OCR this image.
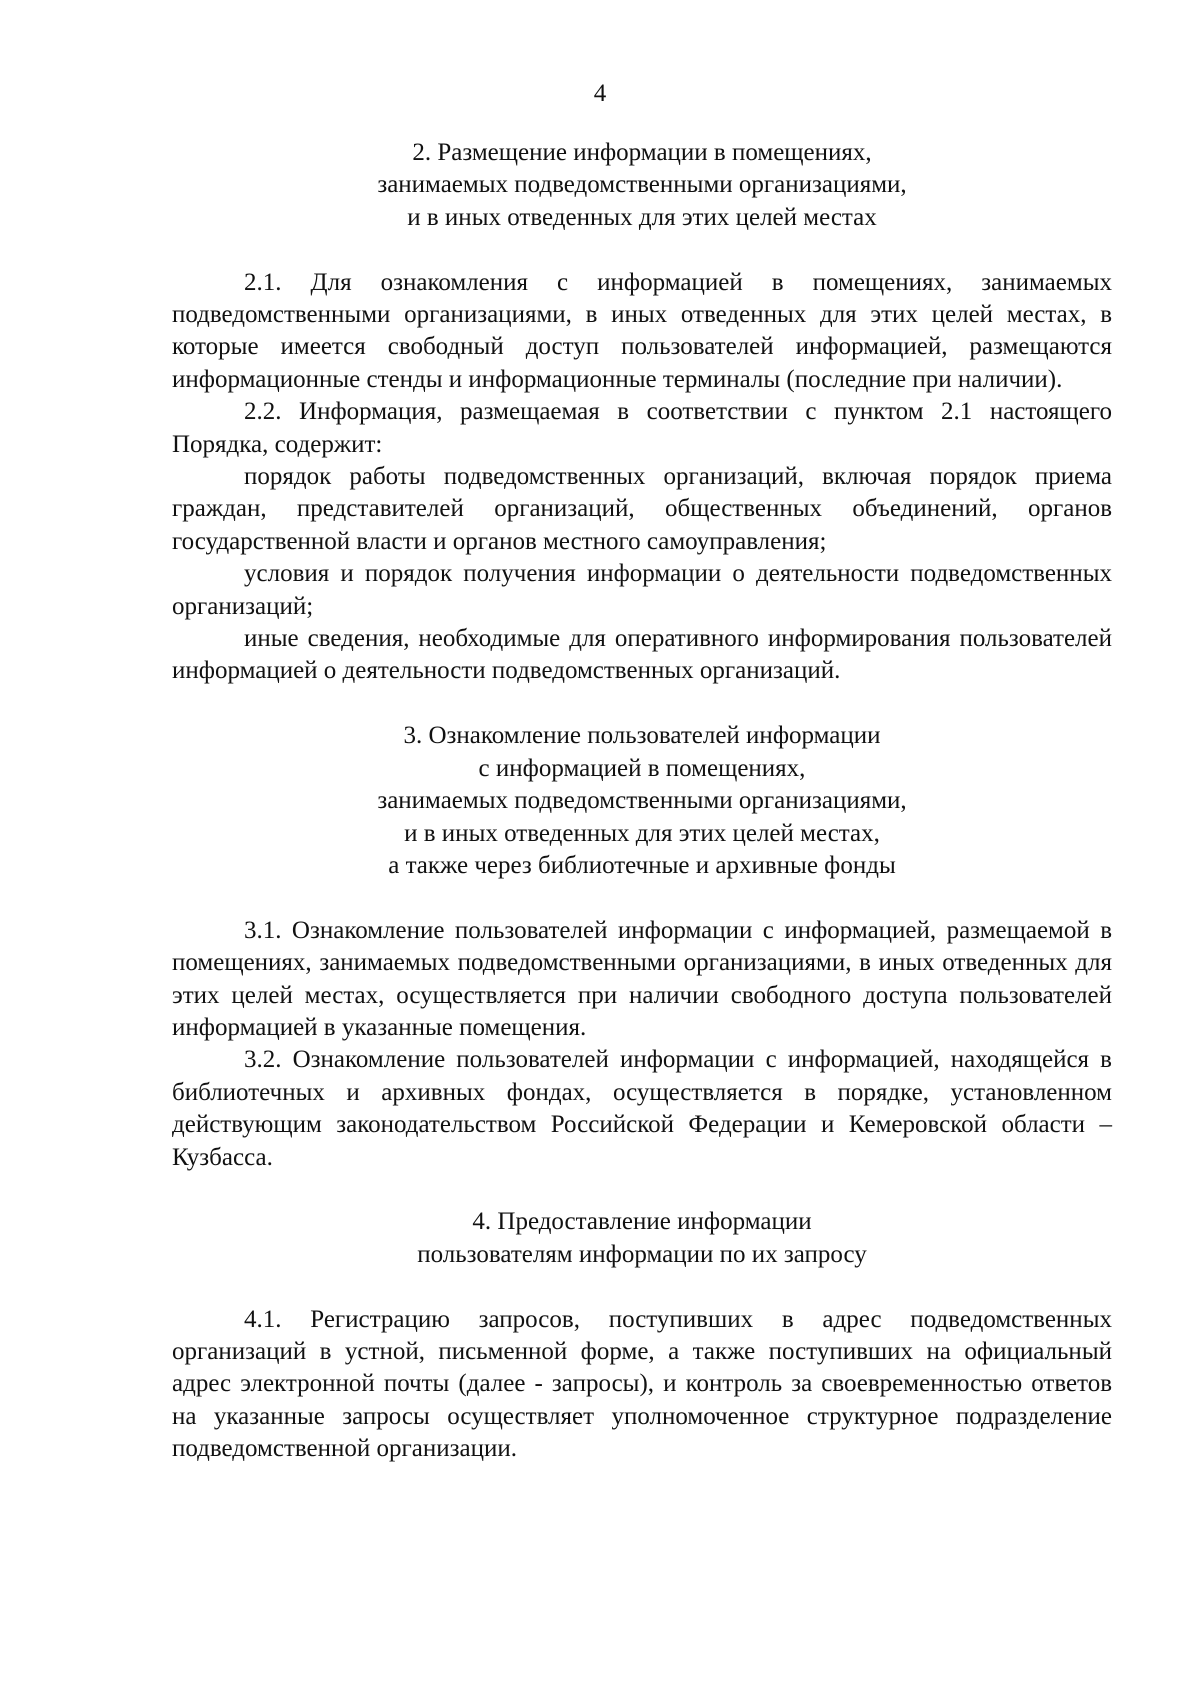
4
2. Размещение информации в помещениях,
занимаемых подведомственными организациями,
и в иных отведенных для этих целей местах

2.1. Для ознакомления с информацией в помещениях, занимаемых подведомственными организациями, в иных отведенных для этих целей местах, в которые имеется свободный доступ пользователей информацией, размещаются информационные стенды и информационные терминалы (последние при наличии).

2.2. Информация, размещаемая в соответствии с пунктом 2.1 настоящего Порядка, содержит:

порядок работы подведомственных организаций, включая порядок приема граждан, представителей организаций, общественных объединений, органов государственной власти и органов местного самоуправления;

условия и порядок получения информации о деятельности подведомственных организаций;

иные сведения, необходимые для оперативного информирования пользователей информацией о деятельности подведомственных организаций.

3. Ознакомление пользователей информации
с информацией в помещениях,
занимаемых подведомственными организациями,
и в иных отведенных для этих целей местах,
а также через библиотечные и архивные фонды

3.1. Ознакомление пользователей информации с информацией, размещаемой в помещениях, занимаемых подведомственными организациями, в иных отведенных для этих целей местах, осуществляется при наличии свободного доступа пользователей информацией в указанные помещения.

3.2. Ознакомление пользователей информации с информацией, находящейся в библиотечных и архивных фондах, осуществляется в порядке, установленном действующим законодательством Российской Федерации и Кемеровской области – Кузбасса.

4. Предоставление информации
пользователям информации по их запросу

4.1. Регистрацию запросов, поступивших в адрес подведомственных организаций в устной, письменной форме, а также поступивших на официальный адрес электронной почты (далее - запросы), и контроль за своевременностью ответов на указанные запросы осуществляет уполномоченное структурное подразделение подведомственной организации.
